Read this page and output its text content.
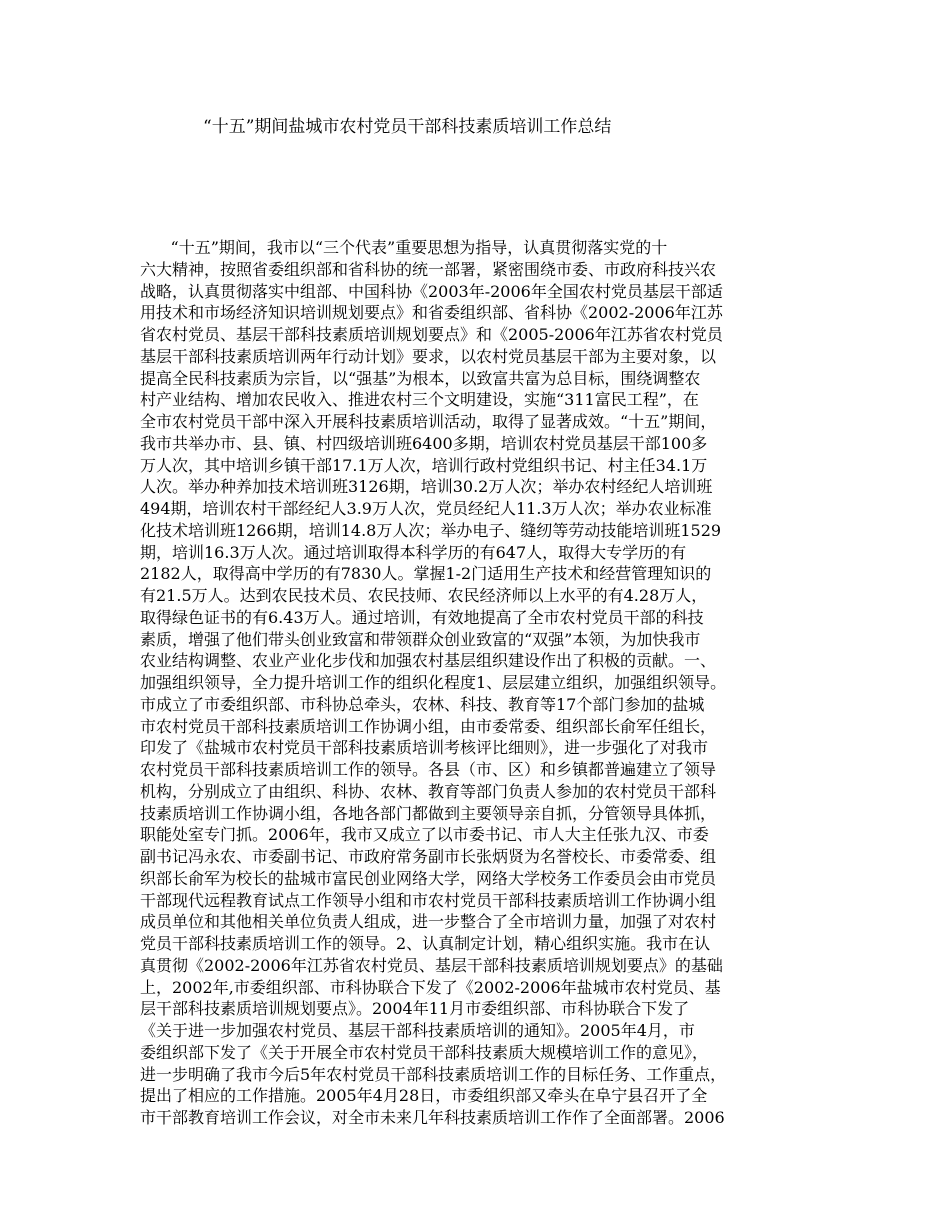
“十五”期间盐城市农村党员干部科技素质培训工作总结
“十五”期间，我市以“三个代表”重要思想为指导，认真贯彻落实党的十
六大精神，按照省委组织部和省科协的统一部署，紧密围绕市委、市政府科技兴农
战略，认真贯彻落实中组部、中国科协《2003年-2006年全国农村党员基层干部适
用技术和市场经济知识培训规划要点》和省委组织部、省科协《2002-2006年江苏
省农村党员、基层干部科技素质培训规划要点》和《2005-2006年江苏省农村党员
基层干部科技素质培训两年行动计划》要求，以农村党员基层干部为主要对象，以
提高全民科技素质为宗旨，以“强基”为根本，以致富共富为总目标，围绕调整农
村产业结构、增加农民收入、推进农村三个文明建设，实施“311富民工程”，在
全市农村党员干部中深入开展科技素质培训活动，取得了显著成效。“十五”期间，
我市共举办市、县、镇、村四级培训班6400多期，培训农村党员基层干部100多
万人次，其中培训乡镇干部17.1万人次，培训行政村党组织书记、村主任34.1万
人次。举办种养加技术培训班3126期，培训30.2万人次；举办农村经纪人培训班
494期，培训农村干部经纪人3.9万人次，党员经纪人11.3万人次；举办农业标准
化技术培训班1266期，培训14.8万人次；举办电子、缝纫等劳动技能培训班1529
期，培训16.3万人次。通过培训取得本科学历的有647人，取得大专学历的有
2182人，取得高中学历的有7830人。掌握1-2门适用生产技术和经营管理知识的
有21.5万人。达到农民技术员、农民技师、农民经济师以上水平的有4.28万人，
取得绿色证书的有6.43万人。通过培训，有效地提高了全市农村党员干部的科技
素质，增强了他们带头创业致富和带领群众创业致富的“双强”本领，为加快我市
农业结构调整、农业产业化步伐和加强农村基层组织建设作出了积极的贡献。一、
加强组织领导，全力提升培训工作的组织化程度1、层层建立组织，加强组织领导。
市成立了市委组织部、市科协总牵头，农林、科技、教育等17个部门参加的盐城
市农村党员干部科技素质培训工作协调小组，由市委常委、组织部长俞军任组长，
印发了《盐城市农村党员干部科技素质培训考核评比细则》，进一步强化了对我市
农村党员干部科技素质培训工作的领导。各县（市、区）和乡镇都普遍建立了领导
机构，分别成立了由组织、科协、农林、教育等部门负责人参加的农村党员干部科
技素质培训工作协调小组，各地各部门都做到主要领导亲自抓，分管领导具体抓，
职能处室专门抓。2006年，我市又成立了以市委书记、市人大主任张九汉、市委
副书记冯永农、市委副书记、市政府常务副市长张炳贤为名誉校长、市委常委、组
织部长俞军为校长的盐城市富民创业网络大学，网络大学校务工作委员会由市党员
干部现代远程教育试点工作领导小组和市农村党员干部科技素质培训工作协调小组
成员单位和其他相关单位负责人组成，进一步整合了全市培训力量，加强了对农村
党员干部科技素质培训工作的领导。2、认真制定计划，精心组织实施。我市在认
真贯彻《2002-2006年江苏省农村党员、基层干部科技素质培训规划要点》的基础
上，2002年,市委组织部、市科协联合下发了《2002-2006年盐城市农村党员、基
层干部科技素质培训规划要点》。2004年11月市委组织部、市科协联合下发了
《关于进一步加强农村党员、基层干部科技素质培训的通知》。2005年4月，市
委组织部下发了《关于开展全市农村党员干部科技素质大规模培训工作的意见》，
进一步明确了我市今后5年农村党员干部科技素质培训工作的目标任务、工作重点，
提出了相应的工作措施。2005年4月28日，市委组织部又牵头在阜宁县召开了全
市干部教育培训工作会议，对全市未来几年科技素质培训工作作了全面部署。2006
